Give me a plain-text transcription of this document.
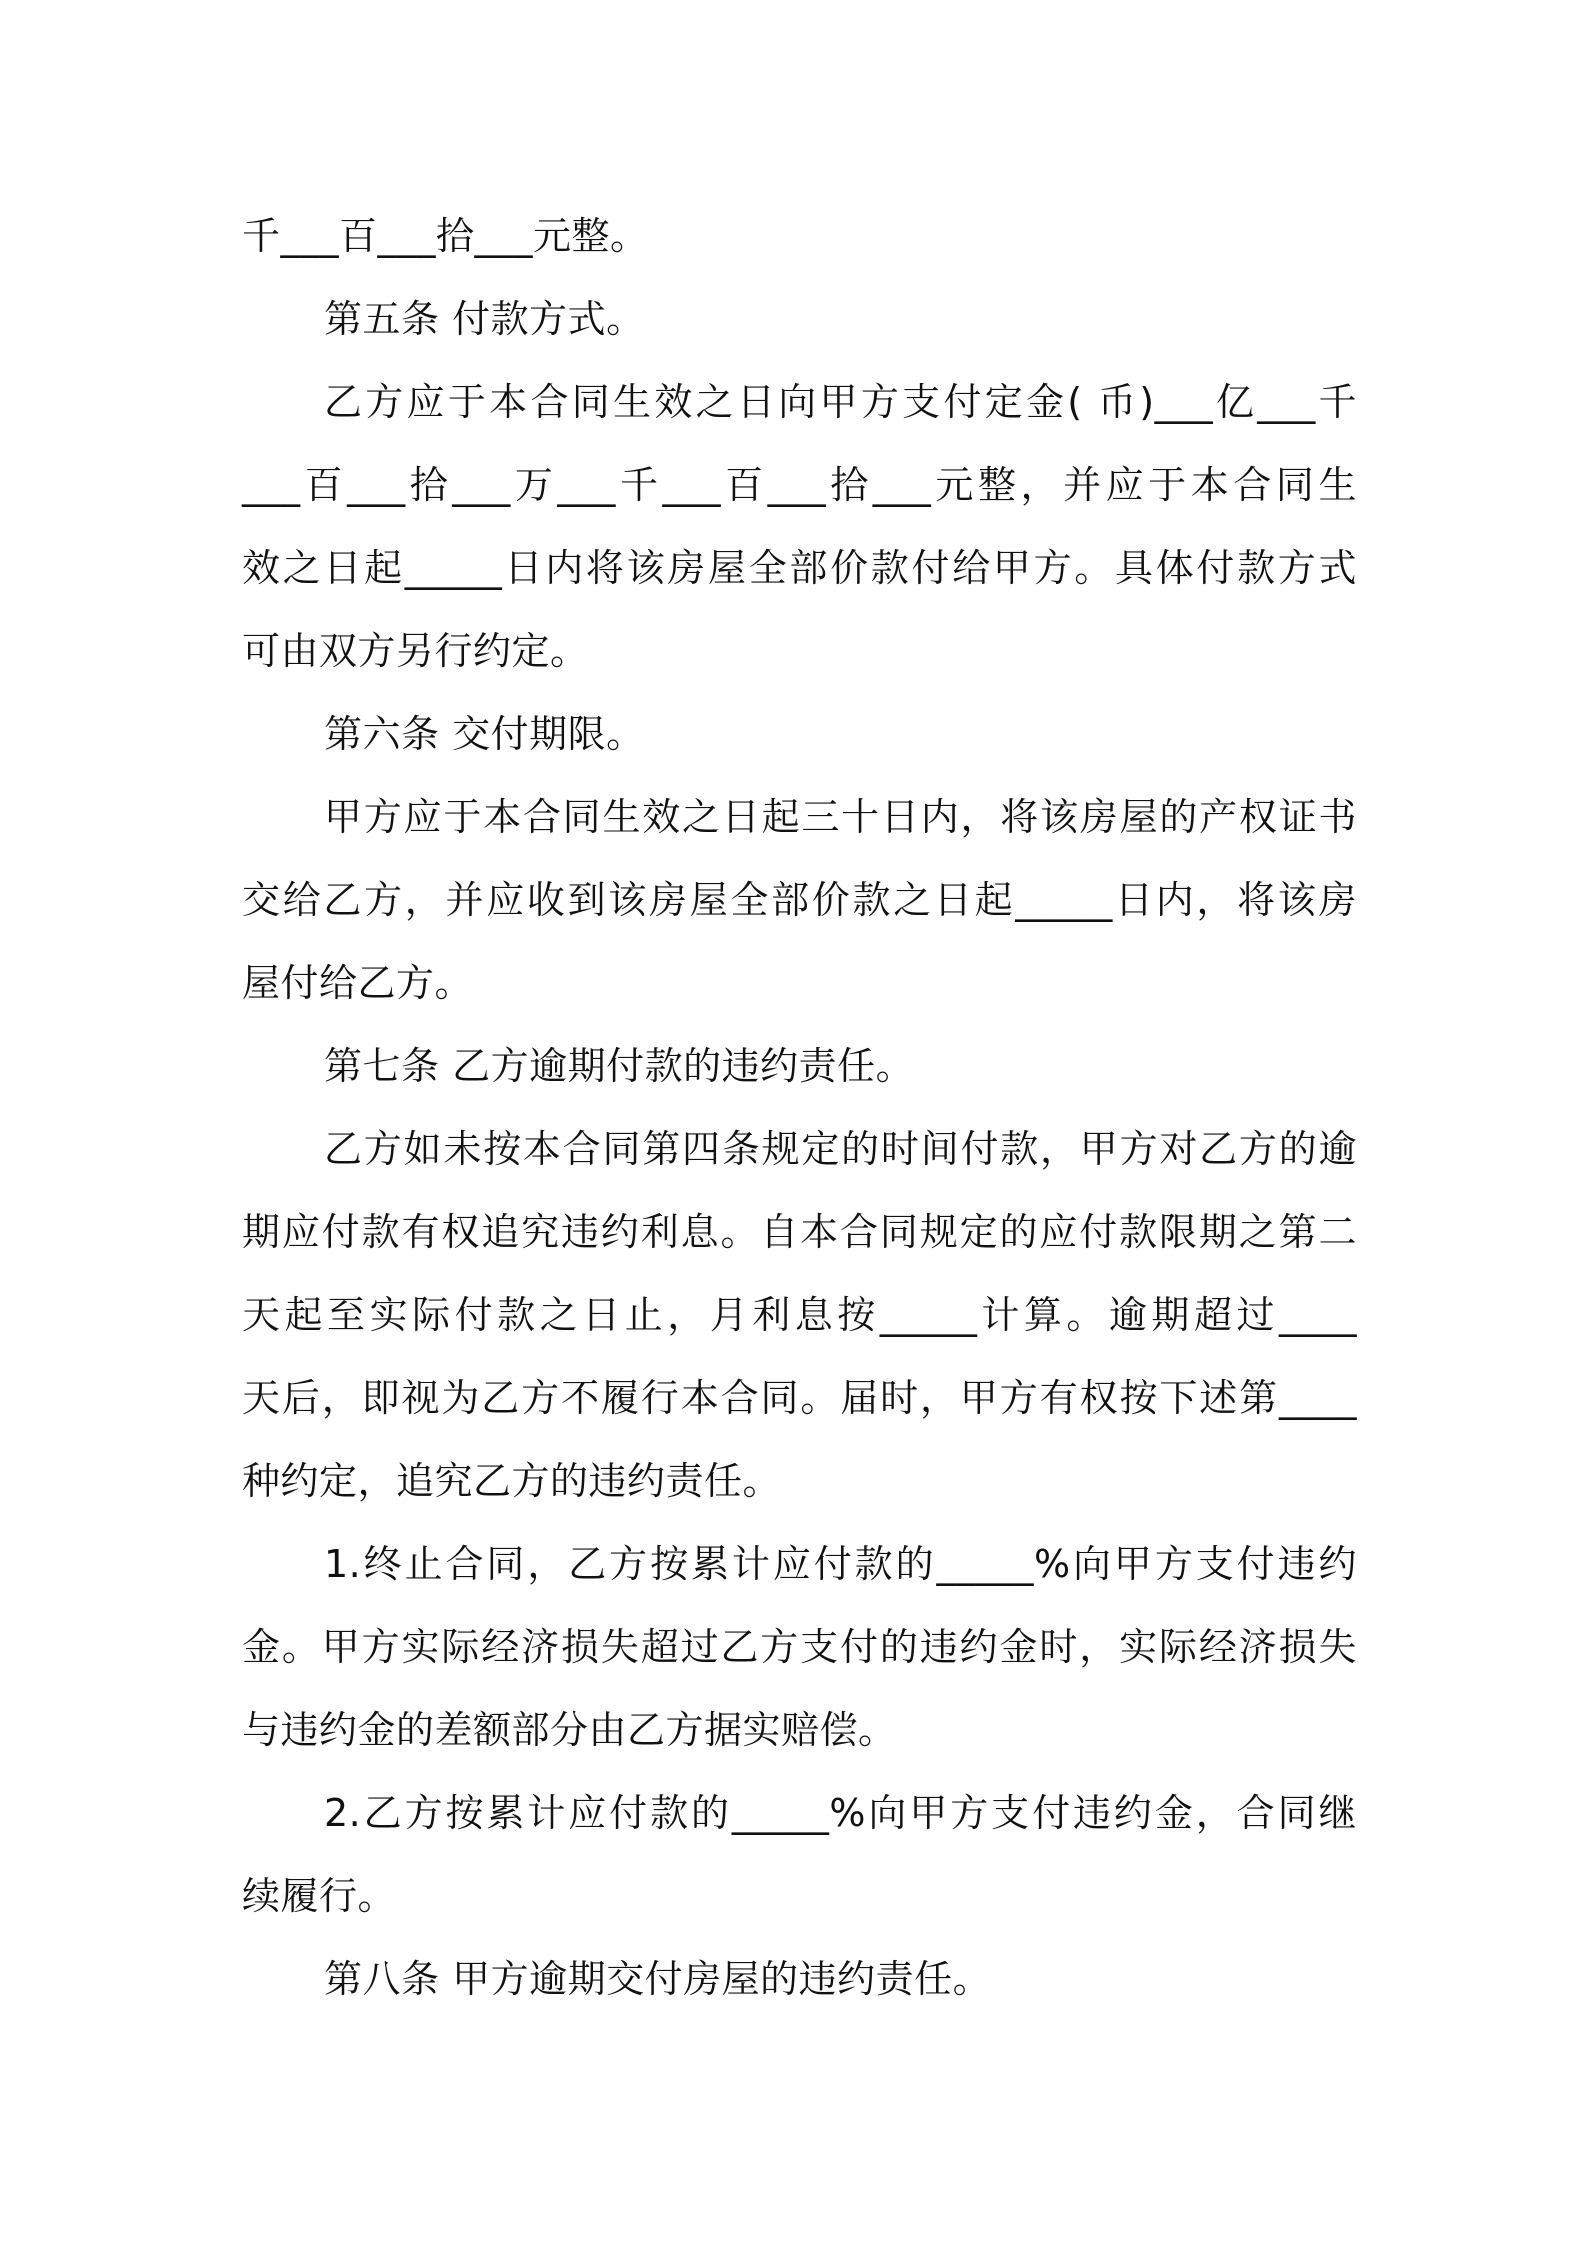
千___百___拾___元整。
第五条 付款方式。
乙方应于本合同生效之日向甲方支付定金( 币)___亿___千
___百___拾___万___千___百___拾___元整，并应于本合同生
效之日起_____日内将该房屋全部价款付给甲方。具体付款方式
可由双方另行约定。
第六条 交付期限。
甲方应于本合同生效之日起三十日内，将该房屋的产权证书
交给乙方，并应收到该房屋全部价款之日起_____日内，将该房
屋付给乙方。
第七条 乙方逾期付款的违约责任。
乙方如未按本合同第四条规定的时间付款，甲方对乙方的逾
期应付款有权追究违约利息。自本合同规定的应付款限期之第二
天起至实际付款之日止，月利息按_____计算。逾期超过____
天后，即视为乙方不履行本合同。届时，甲方有权按下述第____
种约定，追究乙方的违约责任。
1.终止合同，乙方按累计应付款的_____%向甲方支付违约
金。甲方实际经济损失超过乙方支付的违约金时，实际经济损失
与违约金的差额部分由乙方据实赔偿。
2.乙方按累计应付款的_____%向甲方支付违约金，合同继
续履行。
第八条 甲方逾期交付房屋的违约责任。
